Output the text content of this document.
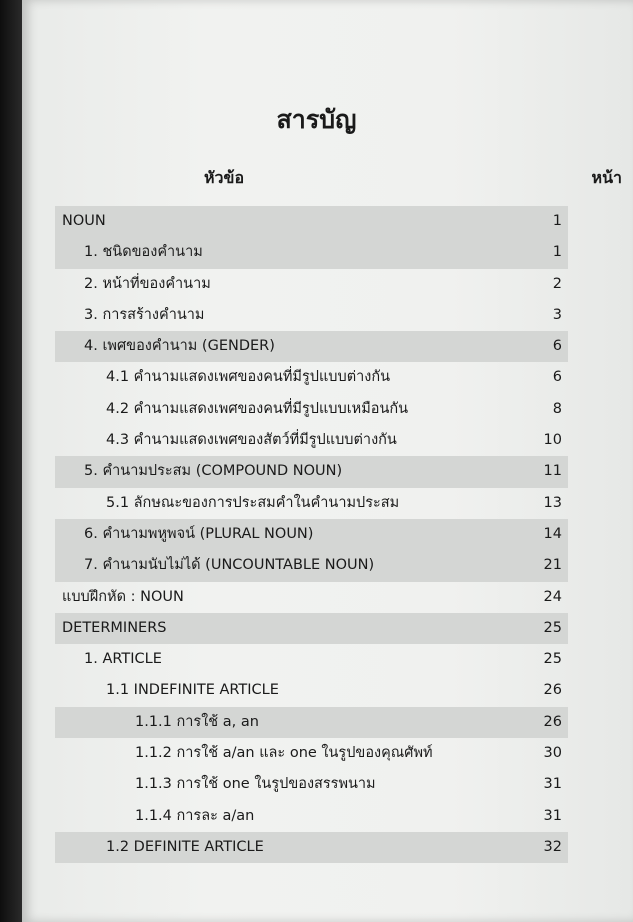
สารบัญ
หัวข้อ	หน้า
NOUN	1
1. ชนิดของคำนาม	1
2. หน้าที่ของคำนาม	2
3. การสร้างคำนาม	3
4. เพศของคำนาม (GENDER)	6
4.1 คำนามแสดงเพศของคนที่มีรูปแบบต่างกัน	6
4.2 คำนามแสดงเพศของคนที่มีรูปแบบเหมือนกัน	8
4.3 คำนามแสดงเพศของสัตว์ที่มีรูปแบบต่างกัน	10
5. คำนามประสม (COMPOUND NOUN)	11
5.1 ลักษณะของการประสมคำในคำนามประสม	13
6. คำนามพหูพจน์ (PLURAL NOUN)	14
7. คำนามนับไม่ได้ (UNCOUNTABLE NOUN)	21
แบบฝึกหัด : NOUN	24
DETERMINERS	25
1. ARTICLE	25
1.1 INDEFINITE ARTICLE	26
1.1.1 การใช้ a, an	26
1.1.2 การใช้ a/an และ one ในรูปของคุณศัพท์	30
1.1.3 การใช้ one ในรูปของสรรพนาม	31
1.1.4 การละ a/an	31
1.2 DEFINITE ARTICLE	32
